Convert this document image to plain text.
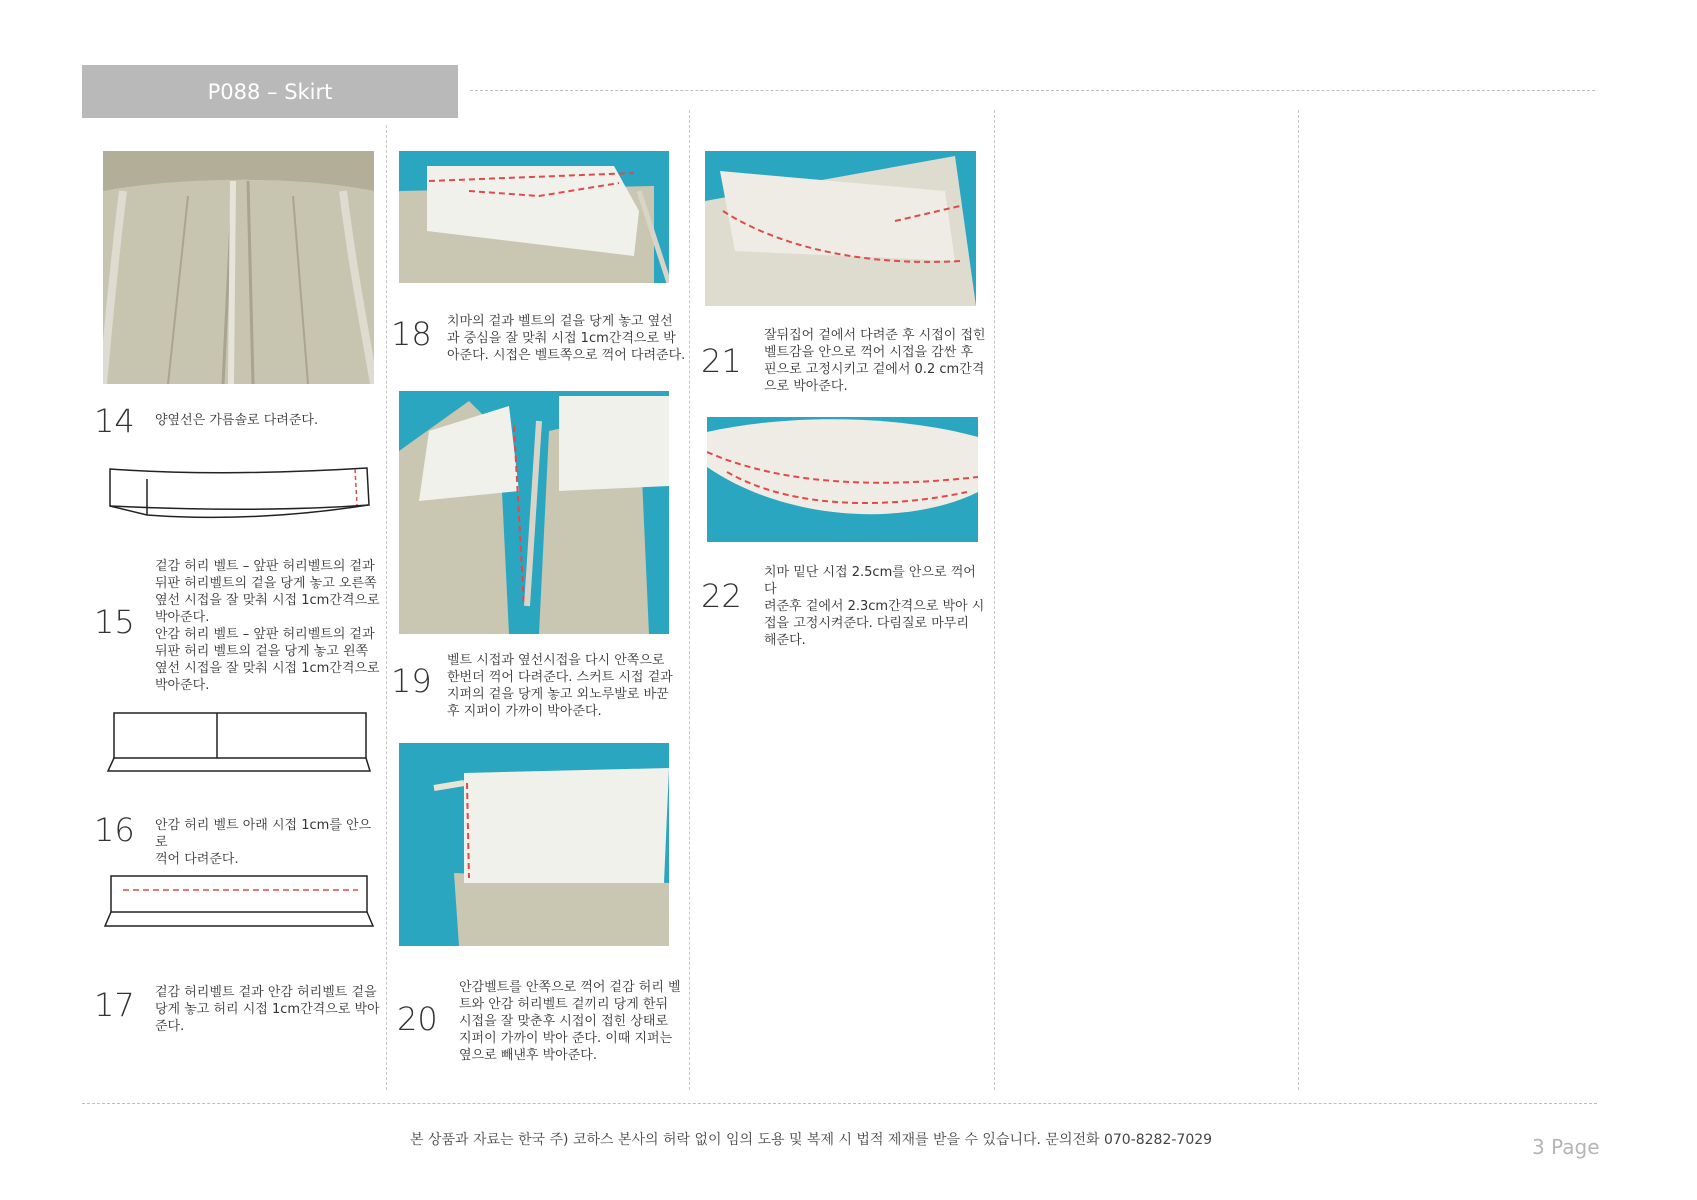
P088 – Skirt
14 양옆선은 가름솔로 다려준다.
15
겉감 허리 벨트 – 앞판 허리벨트의 겉과
뒤판 허리벨트의 겉을 당게 놓고 오른쪽
옆선 시접을 잘 맞춰 시접 1cm간격으로
박아준다.
안감 허리 벨트 – 앞판 허리벨트의 겉과
뒤판 허리 벨트의 겉을 당게 놓고 왼쪽
옆선 시접을 잘 맞춰 시접 1cm간격으로
박아준다.
16 안감 허리 벨트 아래 시접 1cm를 안으로
꺽어 다려준다.
17 겉감 허리벨트 겉과 안감 허리벨트 겉을
당게 놓고 허리 시접 1cm간격으로 박아
준다.
18 치마의 겉과 벨트의 겉을 당게 놓고 옆선
과 중심을 잘 맞춰 시접 1cm간격으로 박
아준다. 시접은 벨트쪽으로 꺽어 다려준다.
19
벨트 시접과 옆선시접을 다시 안쪽으로
한번더 꺽어 다려준다. 스커트 시접 겉과
지퍼의 겉을 당게 놓고 외노루발로 바꾼
후 지퍼이 가까이 박아준다.
20
안감벨트를 안쪽으로 꺽어 겉감 허리 벨
트와 안감 허리벨트 겉끼리 당게 한뒤
시접을 잘 맞춘후 시접이 접힌 상태로
지퍼이 가까이 박아 준다. 이때 지퍼는
옆으로 빼낸후 박아준다.
21
잘뒤집어 겉에서 다려준 후 시접이 접힌
벨트감을 안으로 꺽어 시접을 감싼 후
핀으로 고정시키고 겉에서 0.2 cm간격
으로 박아준다.
22
치마 밑단 시접 2.5cm를 안으로 꺽어 다
려준후 겉에서 2.3cm간격으로 박아 시
접을 고정시켜준다. 다림질로 마무리
해준다.
본 상품과 자료는 한국 주) 코하스 본사의 허락 없이 임의 도용 및 복제 시 법적 제재를 받을 수 있습니다. 문의전화 070-8282-7029	3 Page
